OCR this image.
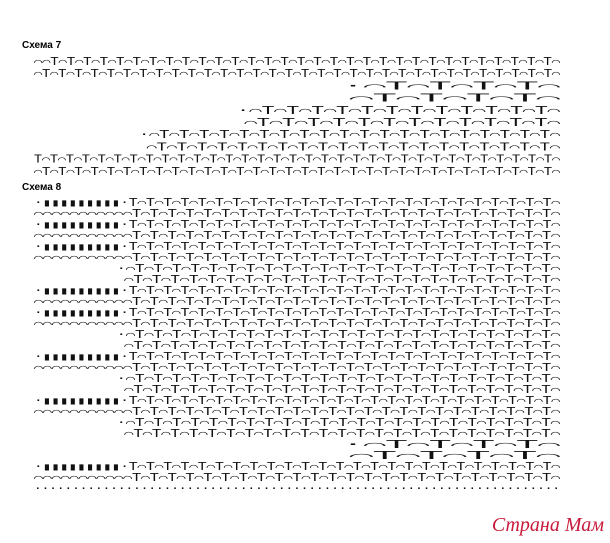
Схема 7
Схема 8
⌒⌒T⌒T⌒T⌒T⌒T⌒T⌒T⌒T⌒T⌒T⌒T⌒T⌒T⌒T⌒T⌒T⌒T⌒T⌒T⌒T⌒T⌒T⌒T⌒T⌒T⌒T⌒T⌒T⌒T⌒T⌒T⌒
⌒T⌒T⌒T⌒T⌒T⌒T⌒T⌒T⌒T⌒T⌒T⌒T⌒T⌒T⌒T⌒T⌒T⌒T⌒T⌒T⌒T⌒T⌒T⌒T⌒T⌒T⌒T⌒T⌒T⌒T⌒T⌒T⌒
·⌒T⌒T⌒T⌒T⌒
⌒T⌒T⌒T⌒T⌒
·⌒T⌒T⌒T⌒T⌒T⌒T⌒T⌒T⌒T⌒T⌒T⌒T⌒
⌒T⌒T⌒T⌒T⌒T⌒T⌒T⌒T⌒T⌒T⌒T⌒T⌒
·⌒T⌒T⌒T⌒T⌒T⌒T⌒T⌒T⌒T⌒T⌒T⌒T⌒T⌒T⌒T⌒T⌒T⌒T⌒T⌒T⌒
⌒T⌒T⌒T⌒T⌒T⌒T⌒T⌒T⌒T⌒T⌒T⌒T⌒T⌒T⌒T⌒T⌒T⌒T⌒T⌒T⌒
T⌒T⌒T⌒T⌒T⌒T⌒T⌒T⌒T⌒T⌒T⌒T⌒T⌒T⌒T⌒T⌒T⌒T⌒T⌒T⌒T⌒T⌒T⌒T⌒T⌒T⌒T⌒T⌒T⌒T⌒T⌒T⌒T⌒
⌒T⌒T⌒T⌒T⌒T⌒T⌒T⌒T⌒T⌒T⌒T⌒T⌒T⌒T⌒T⌒T⌒T⌒T⌒T⌒T⌒T⌒T⌒T⌒T⌒T⌒T⌒T⌒T⌒T⌒T⌒T⌒T⌒
·▮▮▮▮▮▮▮▮▮·T⌒T⌒T⌒T⌒T⌒T⌒T⌒T⌒T⌒T⌒T⌒T⌒T⌒T⌒T⌒T⌒T⌒T⌒T⌒T⌒T⌒T⌒T⌒T⌒T⌒
⌒⌒⌒⌒⌒⌒⌒⌒⌒⌒⌒T⌒T⌒T⌒T⌒T⌒T⌒T⌒T⌒T⌒T⌒T⌒T⌒T⌒T⌒T⌒T⌒T⌒T⌒T⌒T⌒T⌒T⌒T⌒T⌒
·▮▮▮▮▮▮▮▮▮·T⌒T⌒T⌒T⌒T⌒T⌒T⌒T⌒T⌒T⌒T⌒T⌒T⌒T⌒T⌒T⌒T⌒T⌒T⌒T⌒T⌒T⌒T⌒T⌒T⌒
⌒⌒⌒⌒⌒⌒⌒⌒⌒⌒⌒T⌒T⌒T⌒T⌒T⌒T⌒T⌒T⌒T⌒T⌒T⌒T⌒T⌒T⌒T⌒T⌒T⌒T⌒T⌒T⌒T⌒T⌒T⌒T⌒
·▮▮▮▮▮▮▮▮▮·T⌒T⌒T⌒T⌒T⌒T⌒T⌒T⌒T⌒T⌒T⌒T⌒T⌒T⌒T⌒T⌒T⌒T⌒T⌒T⌒T⌒T⌒T⌒T⌒T⌒
⌒⌒⌒⌒⌒⌒⌒⌒⌒⌒⌒T⌒T⌒T⌒T⌒T⌒T⌒T⌒T⌒T⌒T⌒T⌒T⌒T⌒T⌒T⌒T⌒T⌒T⌒T⌒T⌒T⌒T⌒T⌒T⌒
·⌒T⌒T⌒T⌒T⌒T⌒T⌒T⌒T⌒T⌒T⌒T⌒T⌒T⌒T⌒T⌒T⌒T⌒T⌒T⌒T⌒T⌒T⌒T⌒
⌒T⌒T⌒T⌒T⌒T⌒T⌒T⌒T⌒T⌒T⌒T⌒T⌒T⌒T⌒T⌒T⌒T⌒T⌒T⌒T⌒T⌒T⌒T⌒
·▮▮▮▮▮▮▮▮▮·T⌒T⌒T⌒T⌒T⌒T⌒T⌒T⌒T⌒T⌒T⌒T⌒T⌒T⌒T⌒T⌒T⌒T⌒T⌒T⌒T⌒T⌒T⌒T⌒T⌒
⌒⌒⌒⌒⌒⌒⌒⌒⌒⌒⌒T⌒T⌒T⌒T⌒T⌒T⌒T⌒T⌒T⌒T⌒T⌒T⌒T⌒T⌒T⌒T⌒T⌒T⌒T⌒T⌒T⌒T⌒T⌒T⌒
·▮▮▮▮▮▮▮▮▮·T⌒T⌒T⌒T⌒T⌒T⌒T⌒T⌒T⌒T⌒T⌒T⌒T⌒T⌒T⌒T⌒T⌒T⌒T⌒T⌒T⌒T⌒T⌒T⌒T⌒
⌒⌒⌒⌒⌒⌒⌒⌒⌒⌒⌒T⌒T⌒T⌒T⌒T⌒T⌒T⌒T⌒T⌒T⌒T⌒T⌒T⌒T⌒T⌒T⌒T⌒T⌒T⌒T⌒T⌒T⌒T⌒T⌒
·⌒T⌒T⌒T⌒T⌒T⌒T⌒T⌒T⌒T⌒T⌒T⌒T⌒T⌒T⌒T⌒T⌒T⌒T⌒T⌒T⌒T⌒T⌒T⌒
⌒T⌒T⌒T⌒T⌒T⌒T⌒T⌒T⌒T⌒T⌒T⌒T⌒T⌒T⌒T⌒T⌒T⌒T⌒T⌒T⌒T⌒T⌒T⌒
·▮▮▮▮▮▮▮▮▮·T⌒T⌒T⌒T⌒T⌒T⌒T⌒T⌒T⌒T⌒T⌒T⌒T⌒T⌒T⌒T⌒T⌒T⌒T⌒T⌒T⌒T⌒T⌒T⌒T⌒
⌒⌒⌒⌒⌒⌒⌒⌒⌒⌒⌒T⌒T⌒T⌒T⌒T⌒T⌒T⌒T⌒T⌒T⌒T⌒T⌒T⌒T⌒T⌒T⌒T⌒T⌒T⌒T⌒T⌒T⌒T⌒T⌒
·⌒T⌒T⌒T⌒T⌒T⌒T⌒T⌒T⌒T⌒T⌒T⌒T⌒T⌒T⌒T⌒T⌒T⌒T⌒T⌒T⌒T⌒T⌒T⌒
⌒T⌒T⌒T⌒T⌒T⌒T⌒T⌒T⌒T⌒T⌒T⌒T⌒T⌒T⌒T⌒T⌒T⌒T⌒T⌒T⌒T⌒T⌒T⌒
·▮▮▮▮▮▮▮▮▮·T⌒T⌒T⌒T⌒T⌒T⌒T⌒T⌒T⌒T⌒T⌒T⌒T⌒T⌒T⌒T⌒T⌒T⌒T⌒T⌒T⌒T⌒T⌒T⌒T⌒
⌒⌒⌒⌒⌒⌒⌒⌒⌒⌒⌒T⌒T⌒T⌒T⌒T⌒T⌒T⌒T⌒T⌒T⌒T⌒T⌒T⌒T⌒T⌒T⌒T⌒T⌒T⌒T⌒T⌒T⌒T⌒T⌒
·⌒T⌒T⌒T⌒T⌒T⌒T⌒T⌒T⌒T⌒T⌒T⌒T⌒T⌒T⌒T⌒T⌒T⌒T⌒T⌒T⌒T⌒T⌒T⌒
⌒T⌒T⌒T⌒T⌒T⌒T⌒T⌒T⌒T⌒T⌒T⌒T⌒T⌒T⌒T⌒T⌒T⌒T⌒T⌒T⌒T⌒T⌒T⌒
·⌒T⌒T⌒T⌒T⌒
⌒T⌒T⌒T⌒T⌒
·▮▮▮▮▮▮▮▮▮·T⌒T⌒T⌒T⌒T⌒T⌒T⌒T⌒T⌒T⌒T⌒T⌒T⌒T⌒T⌒T⌒T⌒T⌒T⌒T⌒T⌒T⌒T⌒T⌒T⌒
⌒⌒⌒⌒⌒⌒⌒⌒⌒⌒⌒T⌒T⌒T⌒T⌒T⌒T⌒T⌒T⌒T⌒T⌒T⌒T⌒T⌒T⌒T⌒T⌒T⌒T⌒T⌒T⌒T⌒T⌒T⌒T⌒
·····································································
Страна Мам
